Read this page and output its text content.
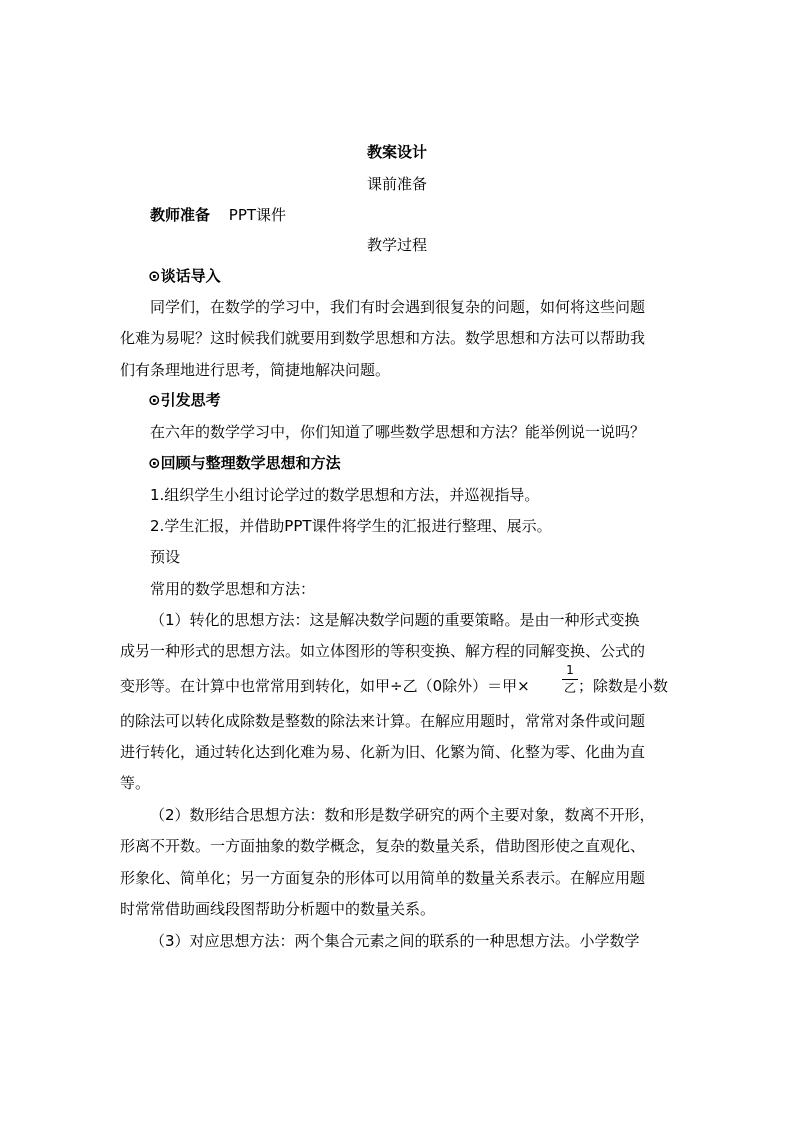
教案设计
课前准备
教师准备 PPT课件
教学过程
⊙谈话导入
同学们，在数学的学习中，我们有时会遇到很复杂的问题，如何将这些问题
化难为易呢？这时候我们就要用到数学思想和方法。数学思想和方法可以帮助我
们有条理地进行思考，简捷地解决问题。
⊙引发思考
在六年的数学学习中，你们知道了哪些数学思想和方法？能举例说一说吗？
⊙回顾与整理数学思想和方法
1.组织学生小组讨论学过的数学思想和方法，并巡视指导。
2.学生汇报，并借助PPT课件将学生的汇报进行整理、展示。
预设
常用的数学思想和方法：
（1）转化的思想方法：这是解决数学问题的重要策略。是由一种形式变换
成另一种形式的思想方法。如立体图形的等积变换、解方程的同解变换、公式的
变形等。在计算中也常常用到转化，如甲÷乙（0除外）＝甲×
1
乙 ；除数是小数
的除法可以转化成除数是整数的除法来计算。在解应用题时，常常对条件或问题
进行转化，通过转化达到化难为易、化新为旧、化繁为简、化整为零、化曲为直
等。
（2）数形结合思想方法：数和形是数学研究的两个主要对象，数离不开形，
形离不开数。一方面抽象的数学概念，复杂的数量关系，借助图形使之直观化、
形象化、简单化；另一方面复杂的形体可以用简单的数量关系表示。在解应用题
时常常借助画线段图帮助分析题中的数量关系。
（3）对应思想方法：两个集合元素之间的联系的一种思想方法。小学数学
